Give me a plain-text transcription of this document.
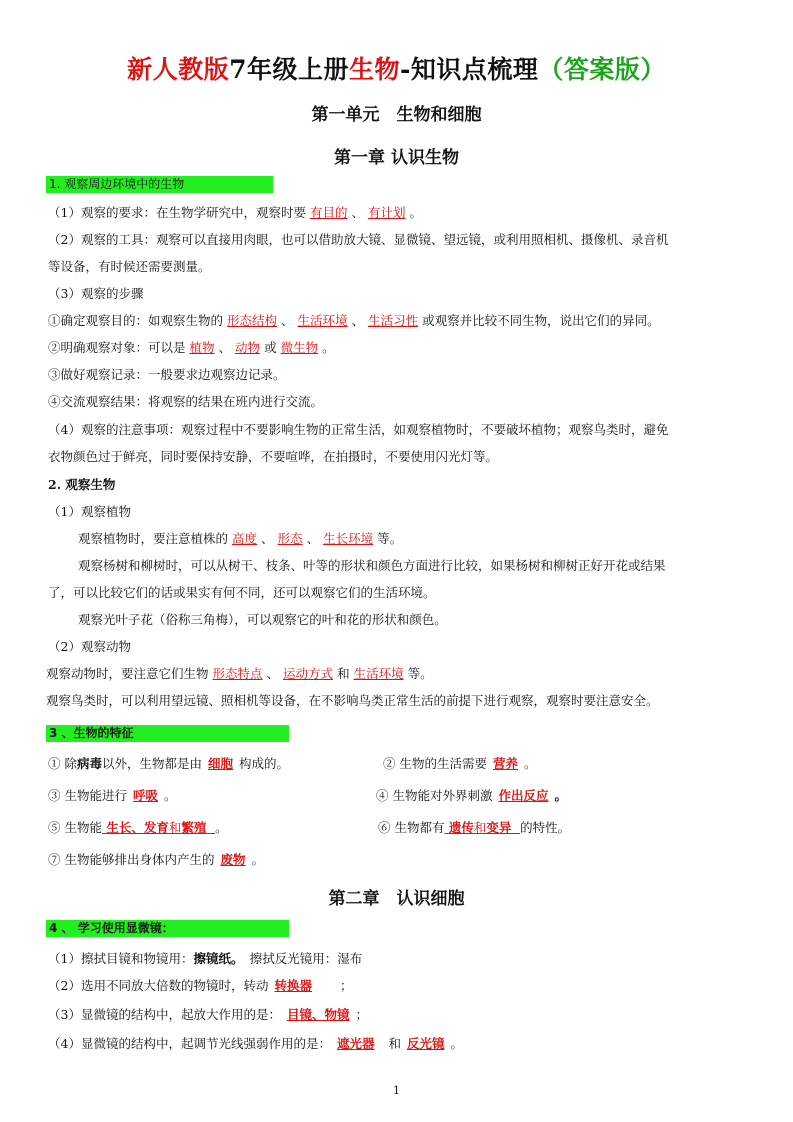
新人教版7年级上册生物-知识点梳理（答案版）
第一单元　生物和细胞
第一章 认识生物
1. 观察周边环境中的生物
（1）观察的要求：在生物学研究中，观察时要 有目的 、 有计划 。
（2）观察的工具：观察可以直接用肉眼，也可以借助放大镜、显微镜、望远镜，或利用照相机、摄像机、录音机
等设备，有时候还需要测量。
（3）观察的步骤
①确定观察目的：如观察生物的 形态结构 、 生活环境 、 生活习性 或观察并比较不同生物，说出它们的异同。
②明确观察对象：可以是 植物 、 动物 或 微生物 。
③做好观察记录：一般要求边观察边记录。
④交流观察结果：将观察的结果在班内进行交流。
（4）观察的注意事项：观察过程中不要影响生物的正常生活，如观察植物时，不要破坏植物；观察鸟类时，避免
衣物颜色过于鲜亮，同时要保持安静，不要喧哗，在拍摄时，不要使用闪光灯等。
2. 观察生物
（1）观察植物
观察植物时，要注意植株的 高度 、 形态 、 生长环境 等。
观察杨树和柳树时，可以从树干、枝条、叶等的形状和颜色方面进行比较，如果杨树和柳树正好开花或结果
了，可以比较它们的话或果实有何不同，还可以观察它们的生活环境。
观察光叶子花（俗称三角梅），可以观察它的叶和花的形状和颜色。
（2）观察动物
观察动物时，要注意它们生物 形态特点 、 运动方式 和 生活环境 等。
观察鸟类时，可以利用望远镜、照相机等设备，在不影响鸟类正常生活的前提下进行观察，观察时要注意安全。
3 、生物的特征
① 除病毒以外，生物都是由 细胞 构成的。	② 生物的生活需要 营养 。
③ 生物能进行 呼吸 。	④ 生物能对外界刺激 作出反应 。
⑤ 生物能 生长、发育和繁殖 。	⑥ 生物都有 遗传和变异 的特性。
⑦ 生物能够排出身体内产生的 废物 。
第二章　认识细胞
4 、 学习使用显微镜：
（1）擦拭目镜和物镜用：擦镜纸。　擦拭反光镜用：湿布
（2）选用不同放大倍数的物镜时，转动 转换器 ；
（3）显微镜的结构中，起放大作用的是： 目镜、物镜 ；
（4）显微镜的结构中，起调节光线强弱作用的是： 遮光器 和 反光镜 。
1
